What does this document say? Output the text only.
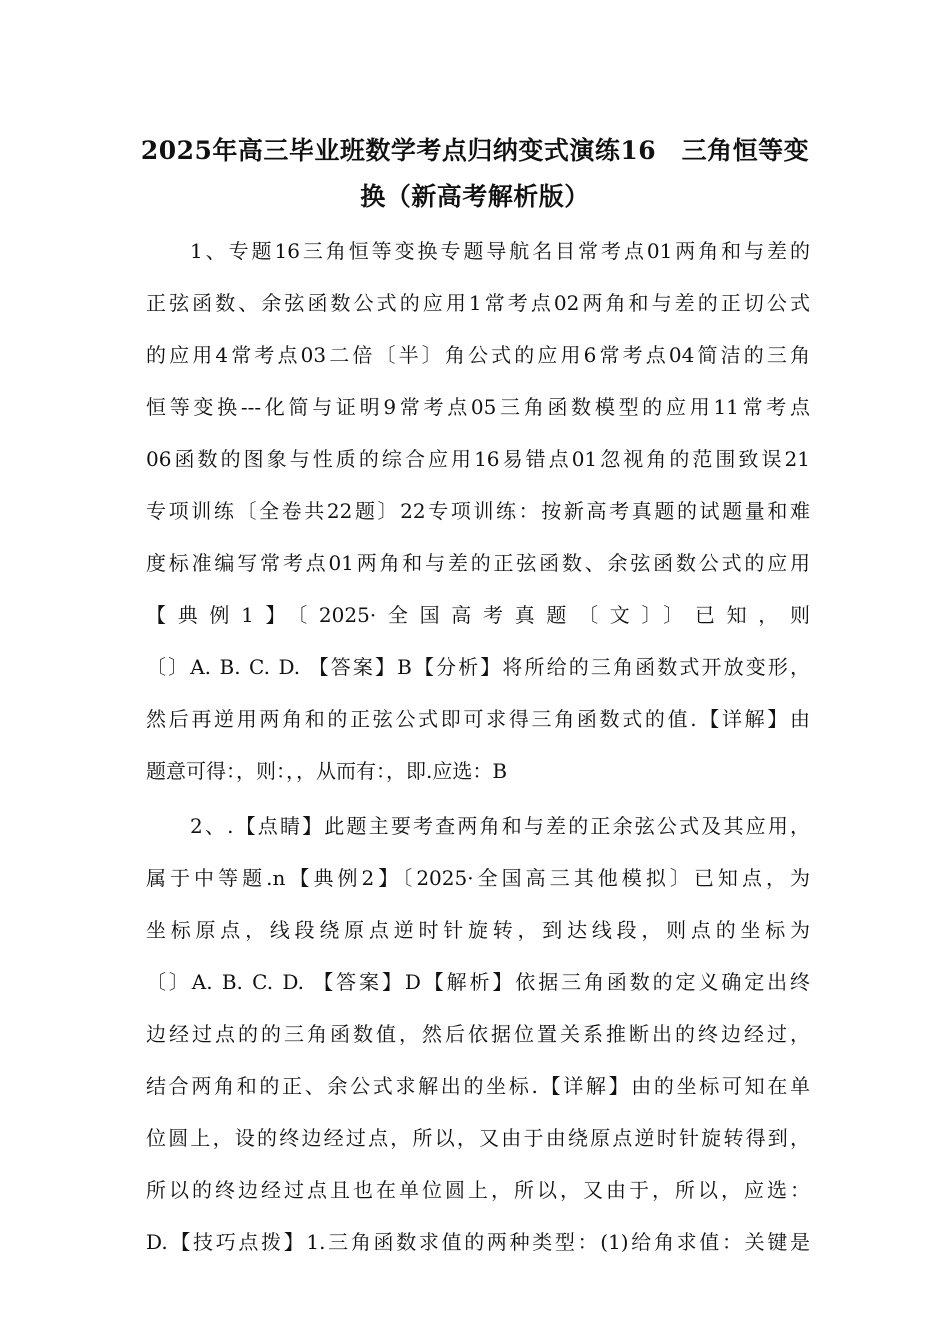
2025年高三毕业班数学考点归纳变式演练16　三角恒等变
换（新高考解析版）
1、专题16三角恒等变换专题导航名目常考点01两角和与差的
正弦函数、余弦函数公式的应用1常考点02两角和与差的正切公式
的应用4常考点03二倍〔半〕角公式的应用6常考点04简洁的三角
恒等变换---化简与证明9常考点05三角函数模型的应用11常考点
06函数的图象与性质的综合应用16易错点01忽视角的范围致误21
专项训练〔全卷共22题〕22专项训练：按新高考真题的试题量和难
度标准编写常考点01两角和与差的正弦函数、余弦函数公式的应用
【典例1】〔2025·全国高考真题〔文〕〕已知，则
〔〕A. B. C. D. 【答案】B【分析】将所给的三角函数式开放变形，
然后再逆用两角和的正弦公式即可求得三角函数式的值.【详解】由
题意可得：，则：，，从而有：，即.应选：B
2、.【点睛】此题主要考查两角和与差的正余弦公式及其应用，
属于中等题.n【典例2】〔2025·全国高三其他模拟〕已知点，为
坐标原点，线段绕原点逆时针旋转，到达线段，则点的坐标为
〔〕A. B. C. D. 【答案】D【解析】依据三角函数的定义确定出终
边经过点的的三角函数值，然后依据位置关系推断出的终边经过，
结合两角和的正、余公式求解出的坐标.【详解】由的坐标可知在单
位圆上，设的终边经过点，所以，又由于由绕原点逆时针旋转得到，
所以的终边经过点且也在单位圆上，所以，又由于，所以，应选：
D.【技巧点拨】1.三角函数求值的两种类型：(1)给角求值：关键是
